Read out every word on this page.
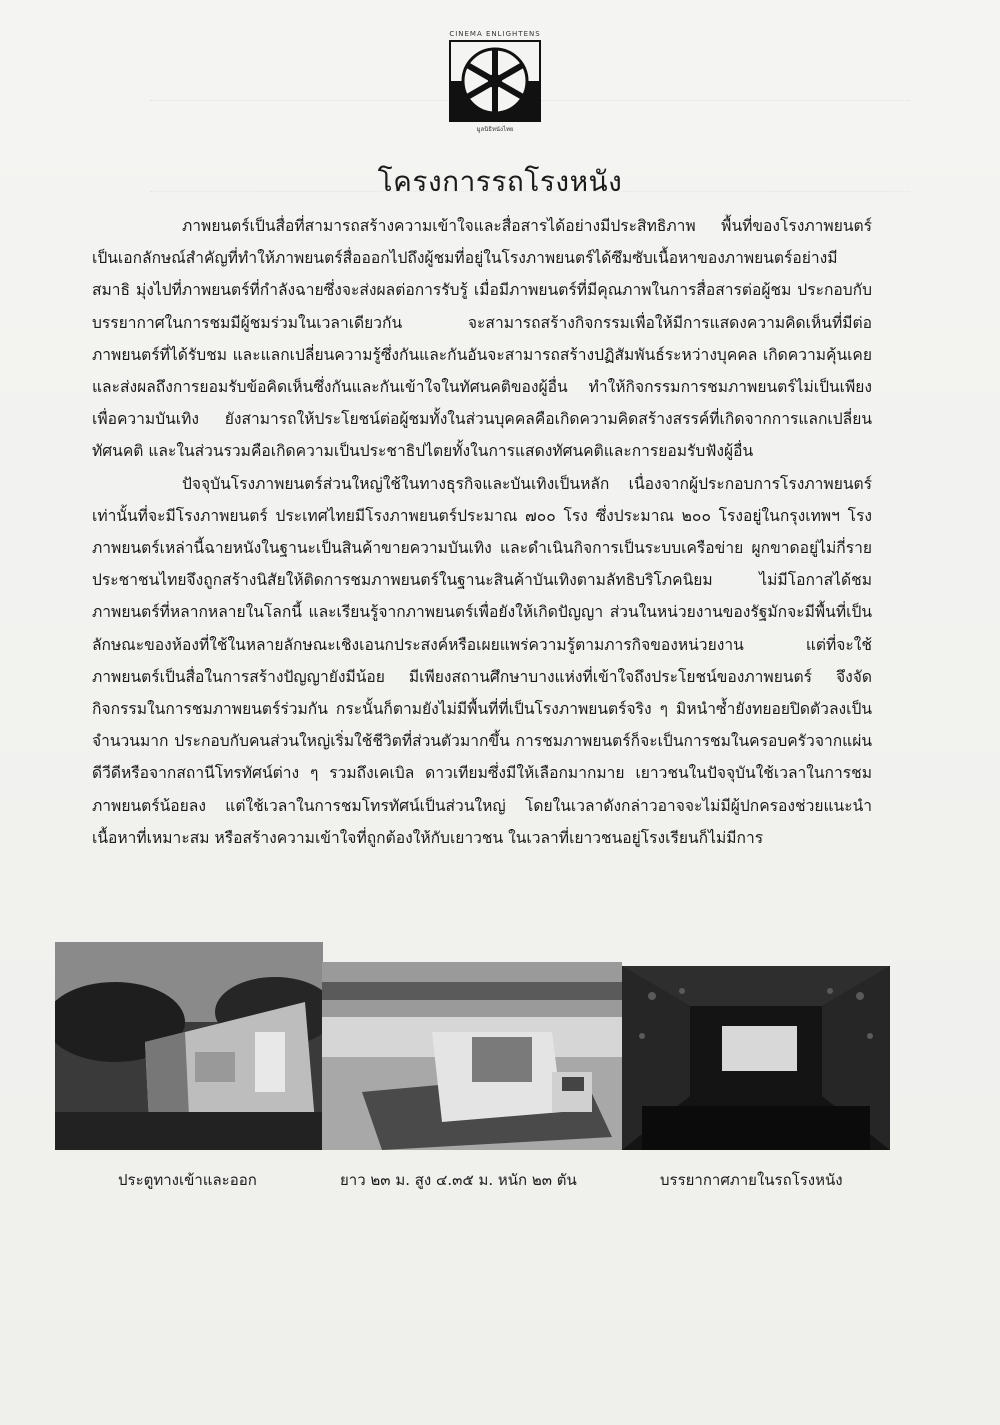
CINEMA ENLIGHTENS
มูลนิธิหนังไทย
โครงการรถโรงหนัง

ภาพยนตร์เป็นสื่อที่สามารถสร้างความเข้าใจและสื่อสารได้อย่างมีประสิทธิภาพ พื้นที่ของโรงภาพยนตร์เป็นเอกลักษณ์สำคัญที่ทำให้ภาพยนตร์สื่อออกไปถึงผู้ชมที่อยู่ในโรงภาพยนตร์ได้ซึมซับเนื้อหาของภาพยนตร์อย่างมีสมาธิ มุ่งไปที่ภาพยนตร์ที่กำลังฉายซึ่งจะส่งผลต่อการรับรู้ เมื่อมีภาพยนตร์ที่มีคุณภาพในการสื่อสารต่อผู้ชม ประกอบกับบรรยากาศในการชมมีผู้ชมร่วมในเวลาเดียวกัน จะสามารถสร้างกิจกรรมเพื่อให้มีการแสดงความคิดเห็นที่มีต่อภาพยนตร์ที่ได้รับชม และแลกเปลี่ยนความรู้ซึ่งกันและกันอันจะสามารถสร้างปฏิสัมพันธ์ระหว่างบุคคล เกิดความคุ้นเคยและส่งผลถึงการยอมรับข้อคิดเห็นซึ่งกันและกันเข้าใจในทัศนคติของผู้อื่น ทำให้กิจกรรมการชมภาพยนตร์ไม่เป็นเพียงเพื่อความบันเทิง ยังสามารถให้ประโยชน์ต่อผู้ชมทั้งในส่วนบุคคลคือเกิดความคิดสร้างสรรค์ที่เกิดจากการแลกเปลี่ยนทัศนคติ และในส่วนรวมคือเกิดความเป็นประชาธิปไตยทั้งในการแสดงทัศนคติและการยอมรับฟังผู้อื่น

ปัจจุบันโรงภาพยนตร์ส่วนใหญ่ใช้ในทางธุรกิจและบันเทิงเป็นหลัก เนื่องจากผู้ประกอบการโรงภาพยนตร์เท่านั้นที่จะมีโรงภาพยนตร์ ประเทศไทยมีโรงภาพยนตร์ประมาณ ๗๐๐ โรง ซึ่งประมาณ ๒๐๐ โรงอยู่ในกรุงเทพฯ โรงภาพยนตร์เหล่านี้ฉายหนังในฐานะเป็นสินค้าขายความบันเทิง และดำเนินกิจการเป็นระบบเครือข่าย ผูกขาดอยู่ไม่กี่ราย ประชาชนไทยจึงถูกสร้างนิสัยให้ติดการชมภาพยนตร์ในฐานะสินค้าบันเทิงตามลัทธิบริโภคนิยม ไม่มีโอกาสได้ชมภาพยนตร์ที่หลากหลายในโลกนี้ และเรียนรู้จากภาพยนตร์เพื่อยังให้เกิดปัญญา ส่วนในหน่วยงานของรัฐมักจะมีพื้นที่เป็นลักษณะของห้องที่ใช้ในหลายลักษณะเชิงเอนกประสงค์หรือเผยแพร่ความรู้ตามภารกิจของหน่วยงาน แต่ที่จะใช้ภาพยนตร์เป็นสื่อในการสร้างปัญญายังมีน้อย มีเพียงสถานศึกษาบางแห่งที่เข้าใจถึงประโยชน์ของภาพยนตร์ จึงจัดกิจกรรมในการชมภาพยนตร์ร่วมกัน กระนั้นก็ตามยังไม่มีพื้นที่ที่เป็นโรงภาพยนตร์จริง ๆ มิหนำซ้ำยังทยอยปิดตัวลงเป็นจำนวนมาก ประกอบกับคนส่วนใหญ่เริ่มใช้ชีวิตที่ส่วนตัวมากขึ้น การชมภาพยนตร์ก็จะเป็นการชมในครอบครัวจากแผ่นดีวีดีหรือจากสถานีโทรทัศน์ต่าง ๆ รวมถึงเคเบิล ดาวเทียมซึ่งมีให้เลือกมากมาย เยาวชนในปัจจุบันใช้เวลาในการชมภาพยนตร์น้อยลง แต่ใช้เวลาในการชมโทรทัศน์เป็นส่วนใหญ่ โดยในเวลาดังกล่าวอาจจะไม่มีผู้ปกครองช่วยแนะนำเนื้อหาที่เหมาะสม หรือสร้างความเข้าใจที่ถูกต้องให้กับเยาวชน ในเวลาที่เยาวชนอยู่โรงเรียนก็ไม่มีการ

ประตูทางเข้าและออก	ยาว ๒๓ ม. สูง ๔.๓๕ ม. หนัก ๒๓ ตัน	บรรยากาศภายในรถโรงหนัง
